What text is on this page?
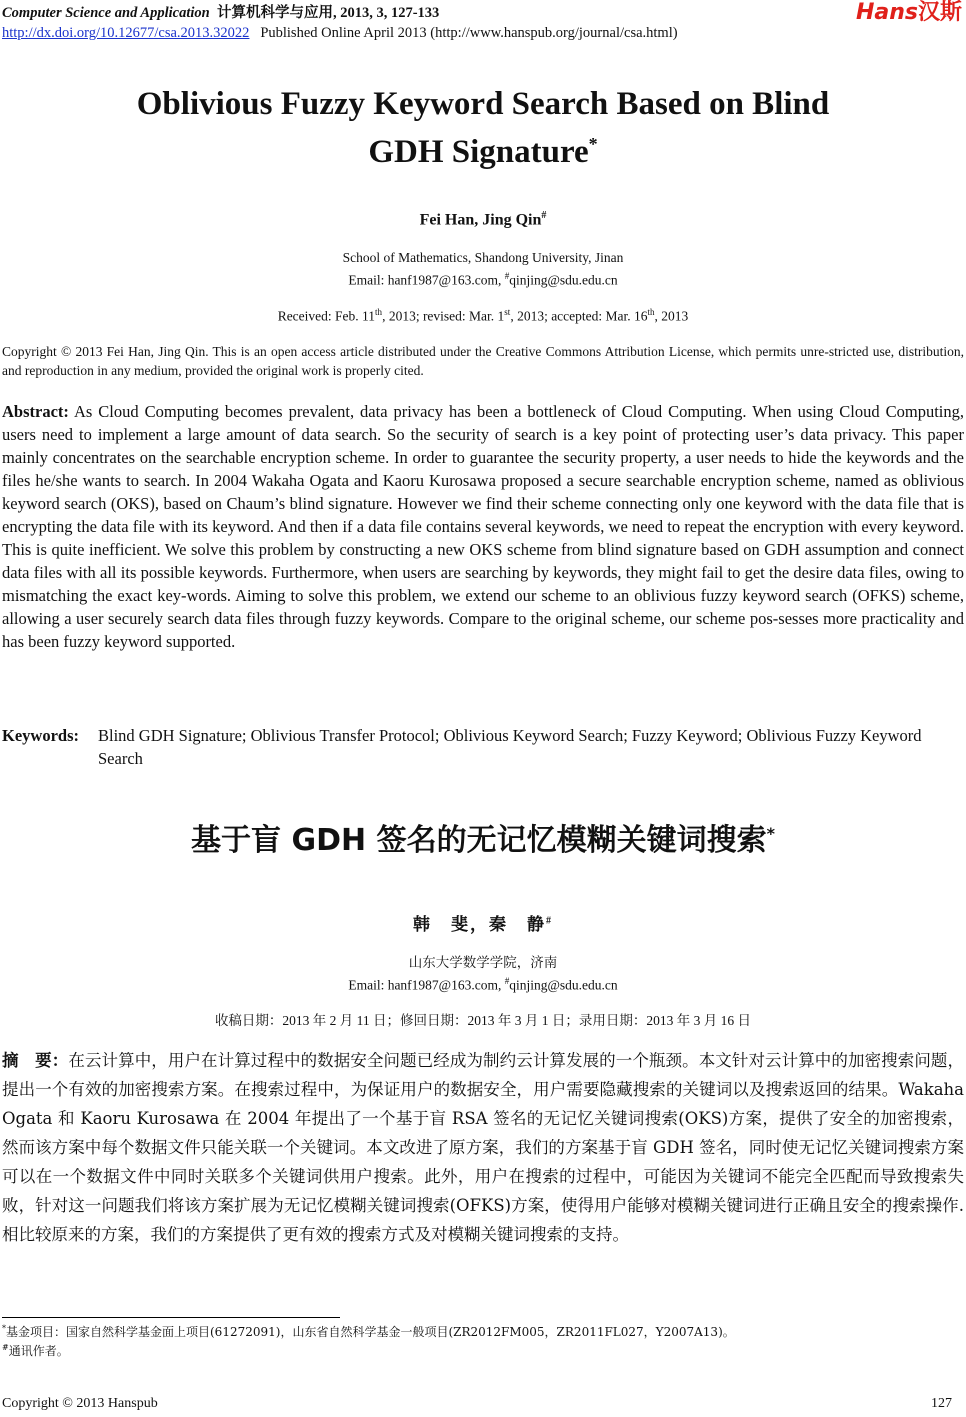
Computer Science and Application 计算机科学与应用, 2013, 3, 127-133
http://dx.doi.org/10.12677/csa.2013.32022 Published Online April 2013 (http://www.hanspub.org/journal/csa.html)
Hans汉斯
Oblivious Fuzzy Keyword Search Based on Blind
GDH Signature*
Fei Han, Jing Qin#
School of Mathematics, Shandong University, Jinan
Email: hanf1987@163.com, #qinjing@sdu.edu.cn
Received: Feb. 11th, 2013; revised: Mar. 1st, 2013; accepted: Mar. 16th, 2013
Copyright © 2013 Fei Han, Jing Qin. This is an open access article distributed under the Creative Commons Attribution License, which permits unre-stricted use, distribution, and reproduction in any medium, provided the original work is properly cited.
Abstract: As Cloud Computing becomes prevalent, data privacy has been a bottleneck of Cloud Computing. When using Cloud Computing, users need to implement a large amount of data search. So the security of search is a key point of protecting user’s data privacy. This paper mainly concentrates on the searchable encryption scheme. In order to guarantee the security property, a user needs to hide the keywords and the files he/she wants to search. In 2004 Wakaha Ogata and Kaoru Kurosawa proposed a secure searchable encryption scheme, named as oblivious keyword search (OKS), based on Chaum’s blind signature. However we find their scheme connecting only one keyword with the data file that is encrypting the data file with its keyword. And then if a data file contains several keywords, we need to repeat the encryption with every keyword. This is quite inefficient. We solve this problem by constructing a new OKS scheme from blind signature based on GDH assumption and connect data files with all its possible keywords. Furthermore, when users are searching by keywords, they might fail to get the desire data files, owing to mismatching the exact key-words. Aiming to solve this problem, we extend our scheme to an oblivious fuzzy keyword search (OFKS) scheme, allowing a user securely search data files through fuzzy keywords. Compare to the original scheme, our scheme pos-sesses more practicality and has been fuzzy keyword supported.
Keywords:	Blind GDH Signature; Oblivious Transfer Protocol; Oblivious Keyword Search; Fuzzy Keyword; Oblivious Fuzzy Keyword Search
基于盲 GDH 签名的无记忆模糊关键词搜索*
韩　斐，秦　静#
山东大学数学学院，济南
Email: hanf1987@163.com, #qinjing@sdu.edu.cn
收稿日期：2013 年 2 月 11 日；修回日期：2013 年 3 月 1 日；录用日期：2013 年 3 月 16 日
摘　要：在云计算中，用户在计算过程中的数据安全问题已经成为制约云计算发展的一个瓶颈。本文针对云计算中的加密搜索问题，提出一个有效的加密搜索方案。在搜索过程中，为保证用户的数据安全，用户需要隐藏搜索的关键词以及搜索返回的结果。Wakaha Ogata 和 Kaoru Kurosawa 在 2004 年提出了一个基于盲 RSA 签名的无记忆关键词搜索(OKS)方案，提供了安全的加密搜索，然而该方案中每个数据文件只能关联一个关键词。本文改进了原方案，我们的方案基于盲 GDH 签名，同时使无记忆关键词搜索方案可以在一个数据文件中同时关联多个关键词供用户搜索。此外，用户在搜索的过程中，可能因为关键词不能完全匹配而导致搜索失败，针对这一问题我们将该方案扩展为无记忆模糊关键词搜索(OFKS)方案，使得用户能够对模糊关键词进行正确且安全的搜索操作.相比较原来的方案，我们的方案提供了更有效的搜索方式及对模糊关键词搜索的支持。
*基金项目：国家自然科学基金面上项目(61272091)，山东省自然科学基金一般项目(ZR2012FM005，ZR2011FL027，Y2007A13)。
#通讯作者。
Copyright © 2013 Hanspub	127
